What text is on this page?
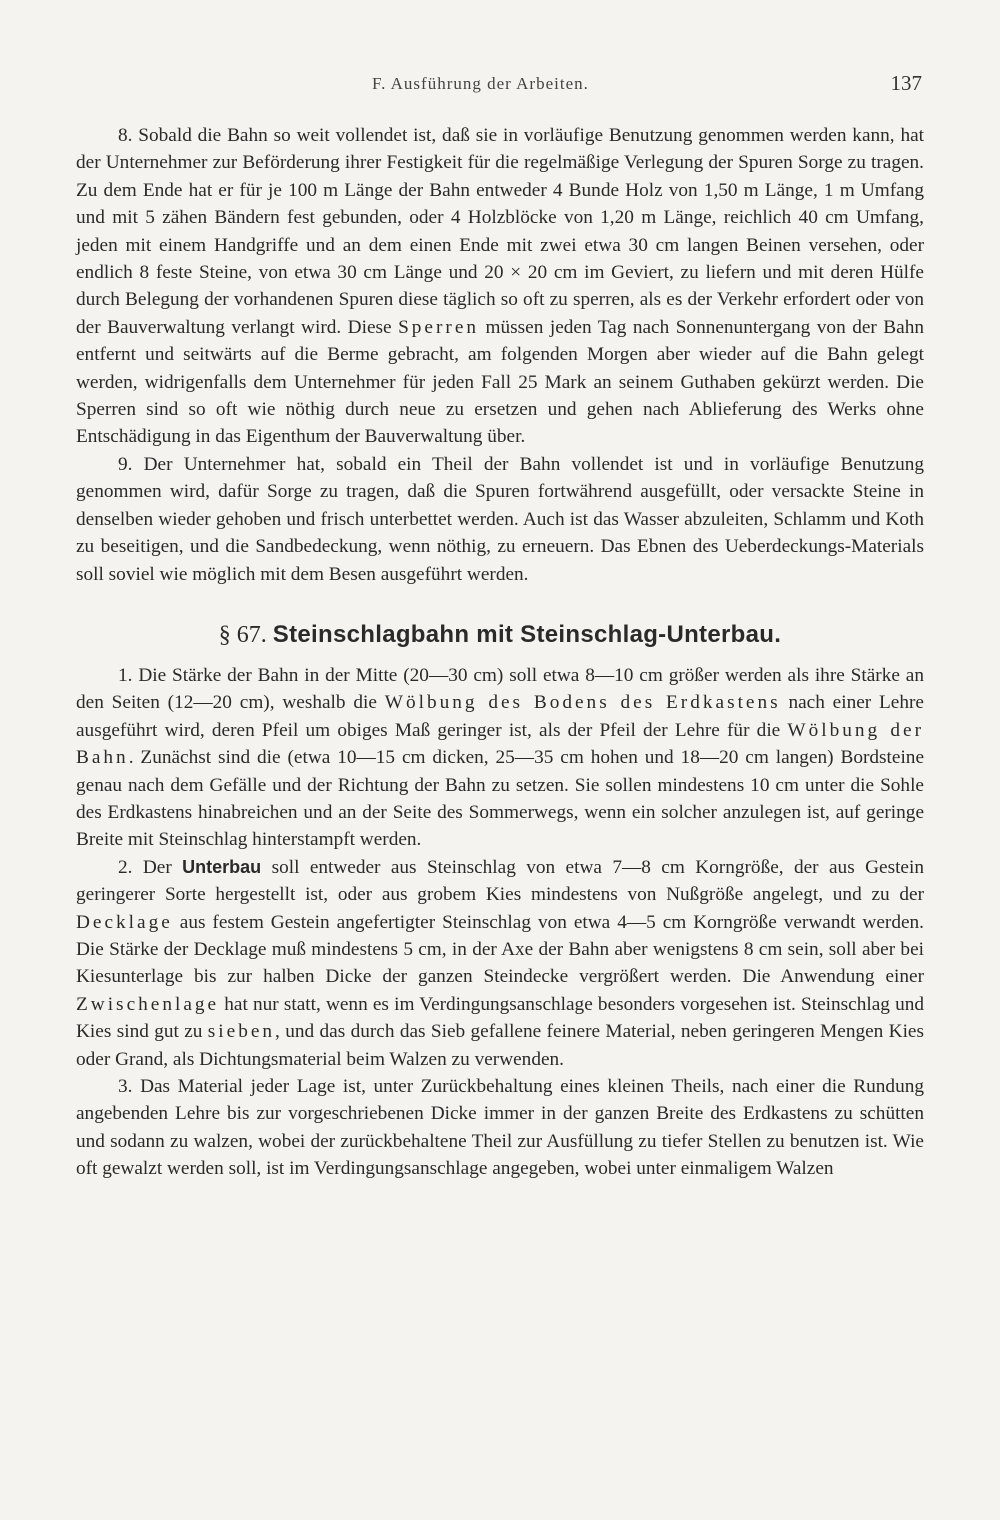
F. Ausführung der Arbeiten.	137

8. Sobald die Bahn so weit vollendet ist, daß sie in vorläufige Benutzung genommen werden kann, hat der Unternehmer zur Beförderung ihrer Festigkeit für die regelmäßige Verlegung der Spuren Sorge zu tragen. Zu dem Ende hat er für je 100 m Länge der Bahn entweder 4 Bunde Holz von 1,50 m Länge, 1 m Umfang und mit 5 zähen Bändern fest gebunden, oder 4 Holzblöcke von 1,20 m Länge, reichlich 40 cm Umfang, jeden mit einem Handgriffe und an dem einen Ende mit zwei etwa 30 cm langen Beinen versehen, oder endlich 8 feste Steine, von etwa 30 cm Länge und 20 × 20 cm im Geviert, zu liefern und mit deren Hülfe durch Belegung der vorhandenen Spuren diese täglich so oft zu sperren, als es der Verkehr erfordert oder von der Bauverwaltung verlangt wird. Diese Sperren müssen jeden Tag nach Sonnenuntergang von der Bahn entfernt und seitwärts auf die Berme gebracht, am folgenden Morgen aber wieder auf die Bahn gelegt werden, widrigenfalls dem Unternehmer für jeden Fall 25 Mark an seinem Guthaben gekürzt werden. Die Sperren sind so oft wie nöthig durch neue zu ersetzen und gehen nach Ablieferung des Werks ohne Entschädigung in das Eigenthum der Bauverwaltung über.

9. Der Unternehmer hat, sobald ein Theil der Bahn vollendet ist und in vorläufige Benutzung genommen wird, dafür Sorge zu tragen, daß die Spuren fortwährend ausgefüllt, oder versackte Steine in denselben wieder gehoben und frisch unterbettet werden. Auch ist das Wasser abzuleiten, Schlamm und Koth zu beseitigen, und die Sandbedeckung, wenn nöthig, zu erneuern. Das Ebnen des Ueberdeckungs-Materials soll soviel wie möglich mit dem Besen ausgeführt werden.

§ 67. Steinschlagbahn mit Steinschlag-Unterbau.

1. Die Stärke der Bahn in der Mitte (20—30 cm) soll etwa 8—10 cm größer werden als ihre Stärke an den Seiten (12—20 cm), weshalb die Wölbung des Bodens des Erdkastens nach einer Lehre ausgeführt wird, deren Pfeil um obiges Maß geringer ist, als der Pfeil der Lehre für die Wölbung der Bahn. Zunächst sind die (etwa 10—15 cm dicken, 25—35 cm hohen und 18—20 cm langen) Bordsteine genau nach dem Gefälle und der Richtung der Bahn zu setzen. Sie sollen mindestens 10 cm unter die Sohle des Erdkastens hinabreichen und an der Seite des Sommerwegs, wenn ein solcher anzulegen ist, auf geringe Breite mit Steinschlag hinterstampft werden.

2. Der Unterbau soll entweder aus Steinschlag von etwa 7—8 cm Korngröße, der aus Gestein geringerer Sorte hergestellt ist, oder aus grobem Kies mindestens von Nußgröße angelegt, und zu der Decklage aus festem Gestein angefertigter Steinschlag von etwa 4—5 cm Korngröße verwandt werden. Die Stärke der Decklage muß mindestens 5 cm, in der Axe der Bahn aber wenigstens 8 cm sein, soll aber bei Kiesunterlage bis zur halben Dicke der ganzen Steindecke vergrößert werden. Die Anwendung einer Zwischenlage hat nur statt, wenn es im Verdingungsanschlage besonders vorgesehen ist. Steinschlag und Kies sind gut zu sieben, und das durch das Sieb gefallene feinere Material, neben geringeren Mengen Kies oder Grand, als Dichtungsmaterial beim Walzen zu verwenden.

3. Das Material jeder Lage ist, unter Zurückbehaltung eines kleinen Theils, nach einer die Rundung angebenden Lehre bis zur vorgeschriebenen Dicke immer in der ganzen Breite des Erdkastens zu schütten und sodann zu walzen, wobei der zurückbehaltene Theil zur Ausfüllung zu tiefer Stellen zu benutzen ist. Wie oft gewalzt werden soll, ist im Verdingungsanschlage angegeben, wobei unter einmaligem Walzen
